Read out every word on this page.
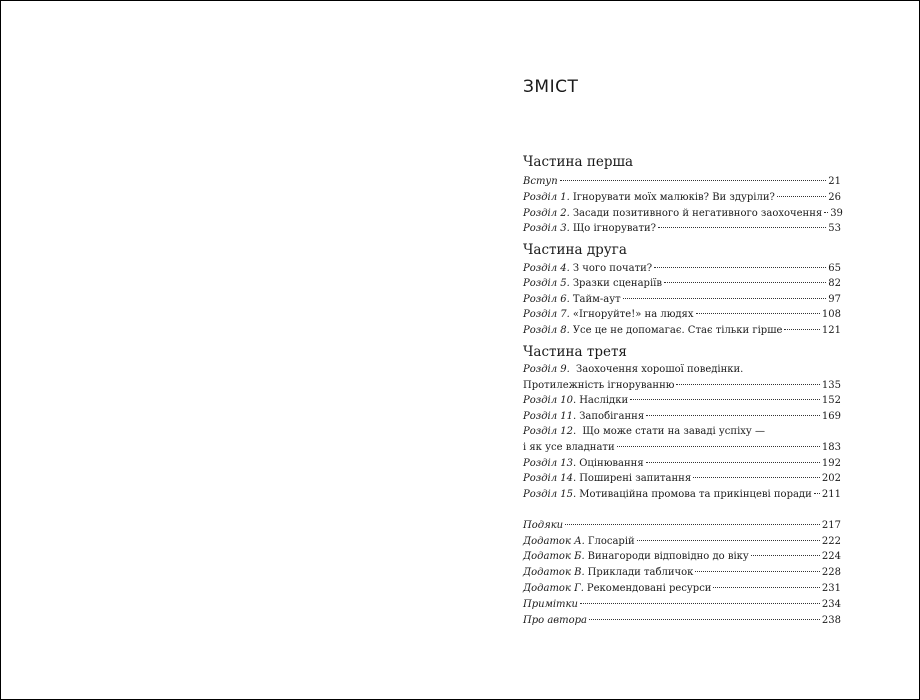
ЗМІСТ
Частина перша
Вступ	21
Розділ 1. Ігнорувати моїх малюків? Ви здуріли?	26
Розділ 2. Засади позитивного й негативного заохочення 39
Розділ 3. Що ігнорувати?	53
Частина друга
Розділ 4. З чого почати?	65
Розділ 5. Зразки сценаріїв	82
Розділ 6. Тайм-аут	97
Розділ 7. «Ігноруйте!» на людях	108
Розділ 8. Усе це не допомагає. Стає тільки гірше	121
Частина третя
Розділ 9. Заохочення хорошої поведінки.
Протилежність ігноруванню	135
Розділ 10. Наслідки	152
Розділ 11. Запобігання	169
Розділ 12. Що може стати на заваді успіху —
і як усе владнати	183
Розділ 13. Оцінювання	192
Розділ 14. Поширені запитання	202
Розділ 15. Мотиваційна промова та прикінцеві поради 211
Подяки	217
Додаток А. Глосарій	222
Додаток Б. Винагороди відповідно до віку	224
Додаток В. Приклади табличок	228
Додаток Г. Рекомендовані ресурси	231
Примітки	234
Про автора	238
